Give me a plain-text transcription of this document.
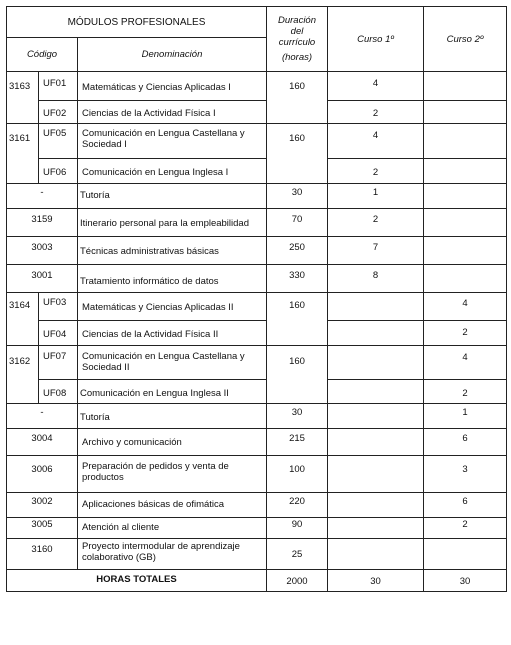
MÓDULOS PROFESIONALES			Duración
del
currículo
(horas)	Curso 1º	Curso 2º
Código		Denominación			
3163	UF01	Matemáticas y Ciencias Aplicadas I	160	4	
	UF02	Ciencias de la Actividad Física I		2	
3161	UF05	Comunicación en Lengua Castellana y Sociedad I	160	4	
	UF06	Comunicación en Lengua Inglesa I		2	
-		Tutoría	30	1	
3159		Itinerario personal para la empleabilidad	70	2	
3003		Técnicas administrativas básicas	250	7	
3001		Tratamiento informático de datos	330	8	
3164	UF03	Matemáticas y Ciencias Aplicadas II	160		4
	UF04	Ciencias de la Actividad Física II			2
3162	UF07	Comunicación en Lengua Castellana y Sociedad II	160		4
	UF08	Comunicación en Lengua Inglesa II			2
-		Tutoría	30		1
3004		Archivo y comunicación	215		6
3006		Preparación de pedidos y venta de productos	100		3
3002		Aplicaciones básicas de ofimática	220		6
3005		Atención al cliente	90		2
3160		Proyecto intermodular de aprendizaje colaborativo (GB)	25		
HORAS TOTALES			2000	30	30
